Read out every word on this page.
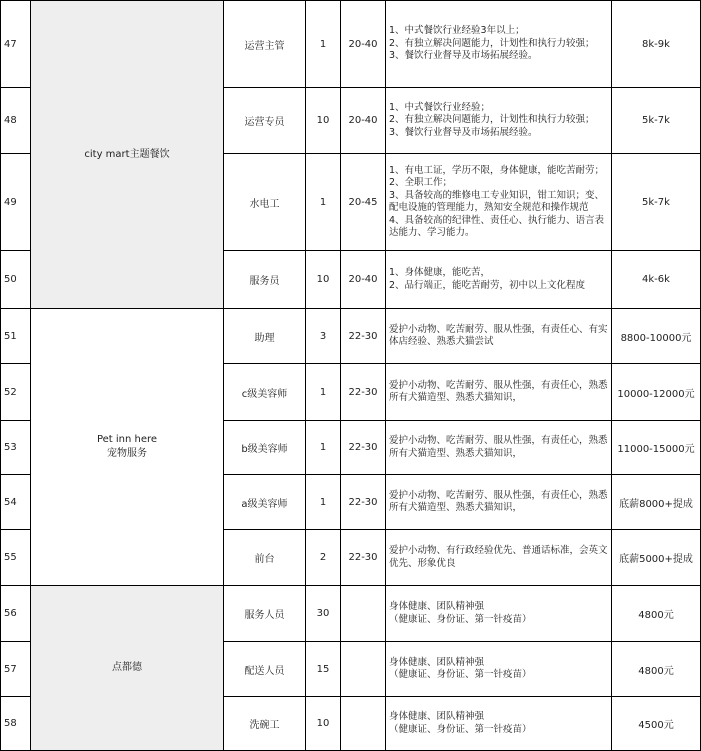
47	city mart主题餐饮	运营主管	1	20-40	1、中式餐饮行业经验3年以上；
2、有独立解决问题能力，计划性和执行力较强；
3、餐饮行业督导及市场拓展经验。	8k-9k
48		运营专员	10	20-40	1、中式餐饮行业经验；
2、有独立解决问题能力，计划性和执行力较强；
3、餐饮行业督导及市场拓展经验。	5k-7k
49		水电工	1	20-45	1、有电工证，学历不限，身体健康，能吃苦耐劳；
2、全职工作；
3、具备较高的维修电工专业知识，钳工知识；变、配电设施的管理能力，熟知安全规范和操作规范
4、具备较高的纪律性、责任心、执行能力、语言表达能力、学习能力。	5k-7k
50		服务员	10	20-40	1、身体健康，能吃苦，
2、品行端正，能吃苦耐劳，初中以上文化程度	4k-6k
51	Pet inn here
宠物服务	助理	3	22-30	爱护小动物、吃苦耐劳、服从性强，有责任心、有实体店经验、熟悉犬猫尝试	8800-10000元
52		c级美容师	1	22-30	爱护小动物、吃苦耐劳、服从性强，有责任心，熟悉所有犬猫造型、熟悉犬猫知识，	10000-12000元
53		b级美容师	1	22-30	爱护小动物、吃苦耐劳、服从性强，有责任心，熟悉所有犬猫造型、熟悉犬猫知识，	11000-15000元
54		a级美容师	1	22-30	爱护小动物、吃苦耐劳、服从性强，有责任心，熟悉所有犬猫造型、熟悉犬猫知识，	底薪8000+提成
55		前台	2	22-30	爱护小动物、有行政经验优先、普通话标准，会英文优先、形象优良	底薪5000+提成
56	点都德	服务人员	30		身体健康、团队精神强
（健康证、身份证、第一针疫苗）	4800元
57		配送人员	15		身体健康、团队精神强
（健康证、身份证、第一针疫苗）	4800元
58		洗碗工	10		身体健康、团队精神强
（健康证、身份证、第一针疫苗）	4500元
